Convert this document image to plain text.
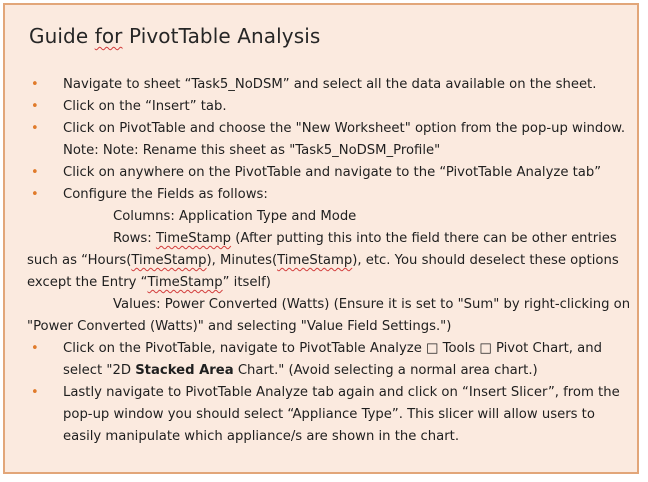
Guide for PivotTable Analysis
• Navigate to sheet “Task5_NoDSM” and select all the data available on the sheet.
• Click on the “Insert” tab.
• Click on PivotTable and choose the "New Worksheet" option from the pop-up window. Note: Note: Rename this sheet as "Task5_NoDSM_Profile"
• Click on anywhere on the PivotTable and navigate to the “PivotTable Analyze tab”
• Configure the Fields as follows:
Columns: Application Type and Mode
Rows: TimeStamp (After putting this into the field there can be other entries such as “Hours(TimeStamp), Minutes(TimeStamp), etc. You should deselect these options except the Entry “TimeStamp” itself)
Values: Power Converted (Watts) (Ensure it is set to "Sum" by right-clicking on "Power Converted (Watts)" and selecting "Value Field Settings.")
• Click on the PivotTable, navigate to PivotTable Analyze □ Tools □ Pivot Chart, and select "2D Stacked Area Chart." (Avoid selecting a normal area chart.)
• Lastly navigate to PivotTable Analyze tab again and click on “Insert Slicer”, from the pop-up window you should select “Appliance Type”. This slicer will allow users to easily manipulate which appliance/s are shown in the chart.
